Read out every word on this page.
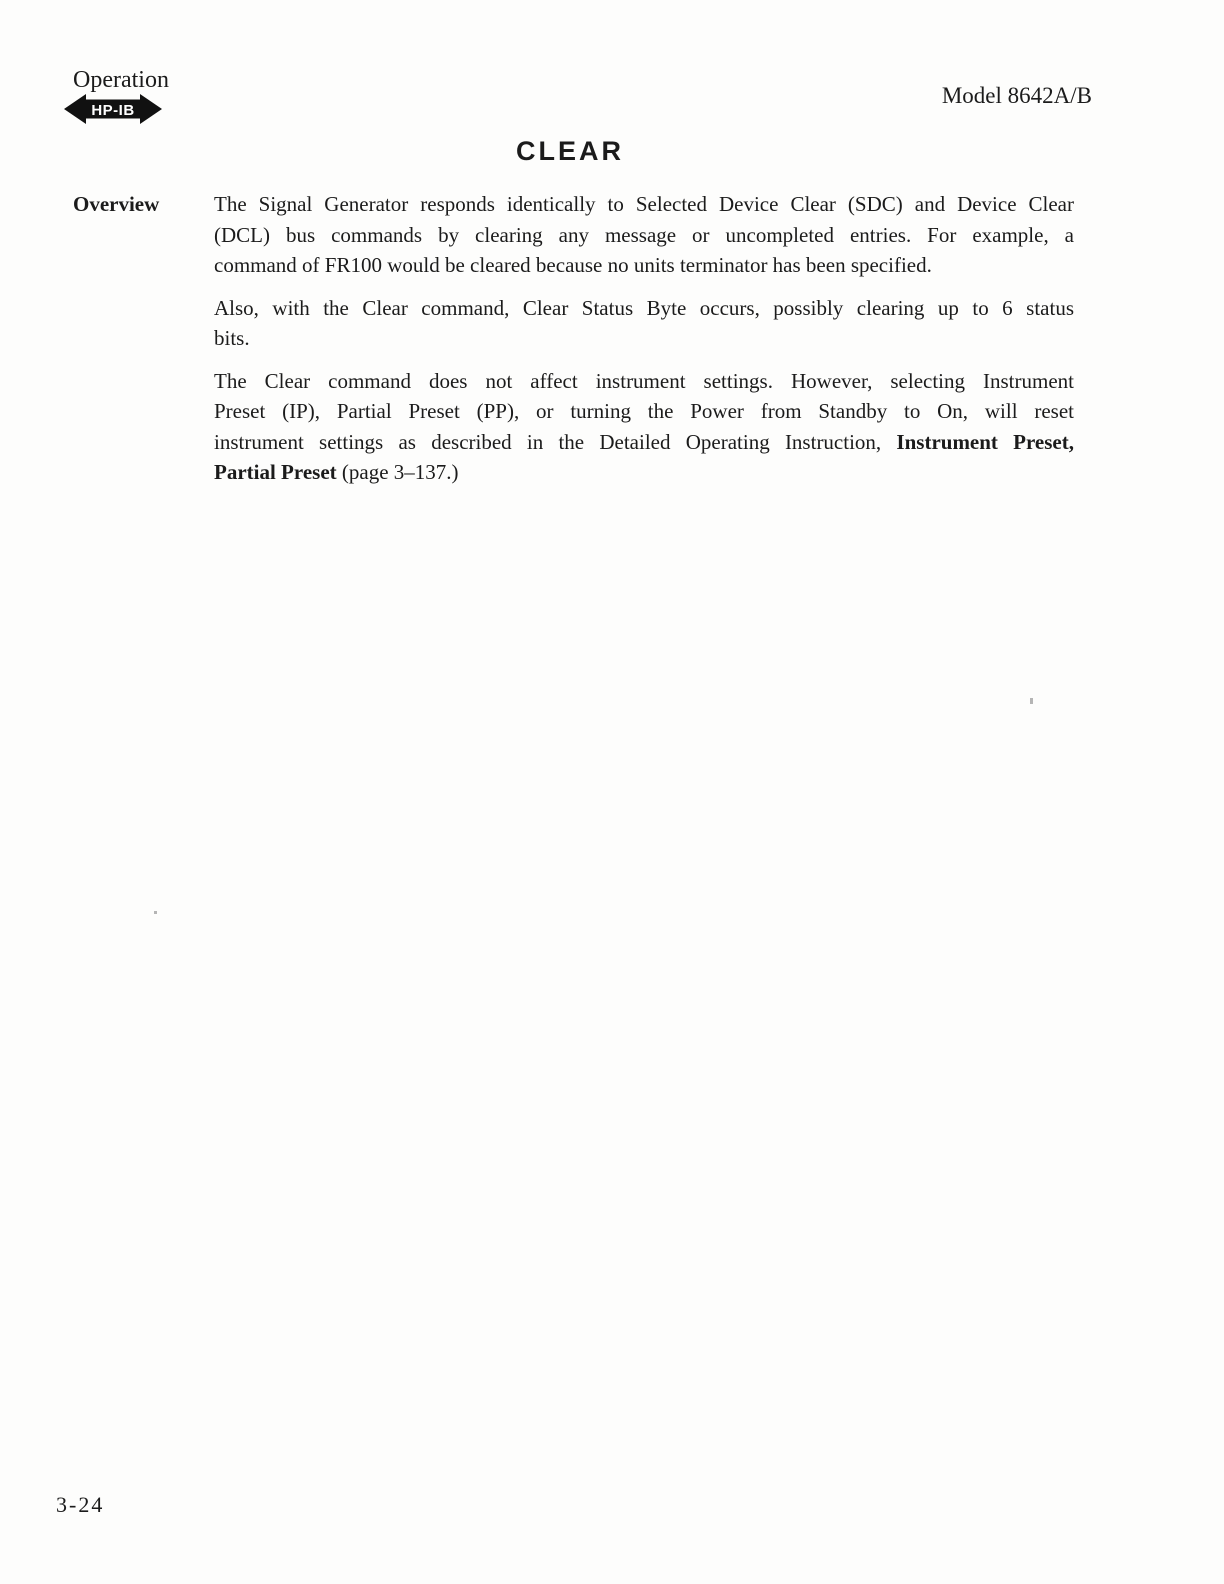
Operation
HP-IB
Model 8642A/B
CLEAR
Overview	The Signal Generator responds identically to Selected Device Clear (SDC) and Device Clear
(DCL) bus commands by clearing any message or uncompleted entries. For example, a
command of FR100 would be cleared because no units terminator has been specified.
Also, with the Clear command, Clear Status Byte occurs, possibly clearing up to 6 status
bits.
The Clear command does not affect instrument settings. However, selecting Instrument
Preset (IP), Partial Preset (PP), or turning the Power from Standby to On, will reset
instrument settings as described in the Detailed Operating Instruction, Instrument Preset,
Partial Preset (page 3–137.)
3-24
